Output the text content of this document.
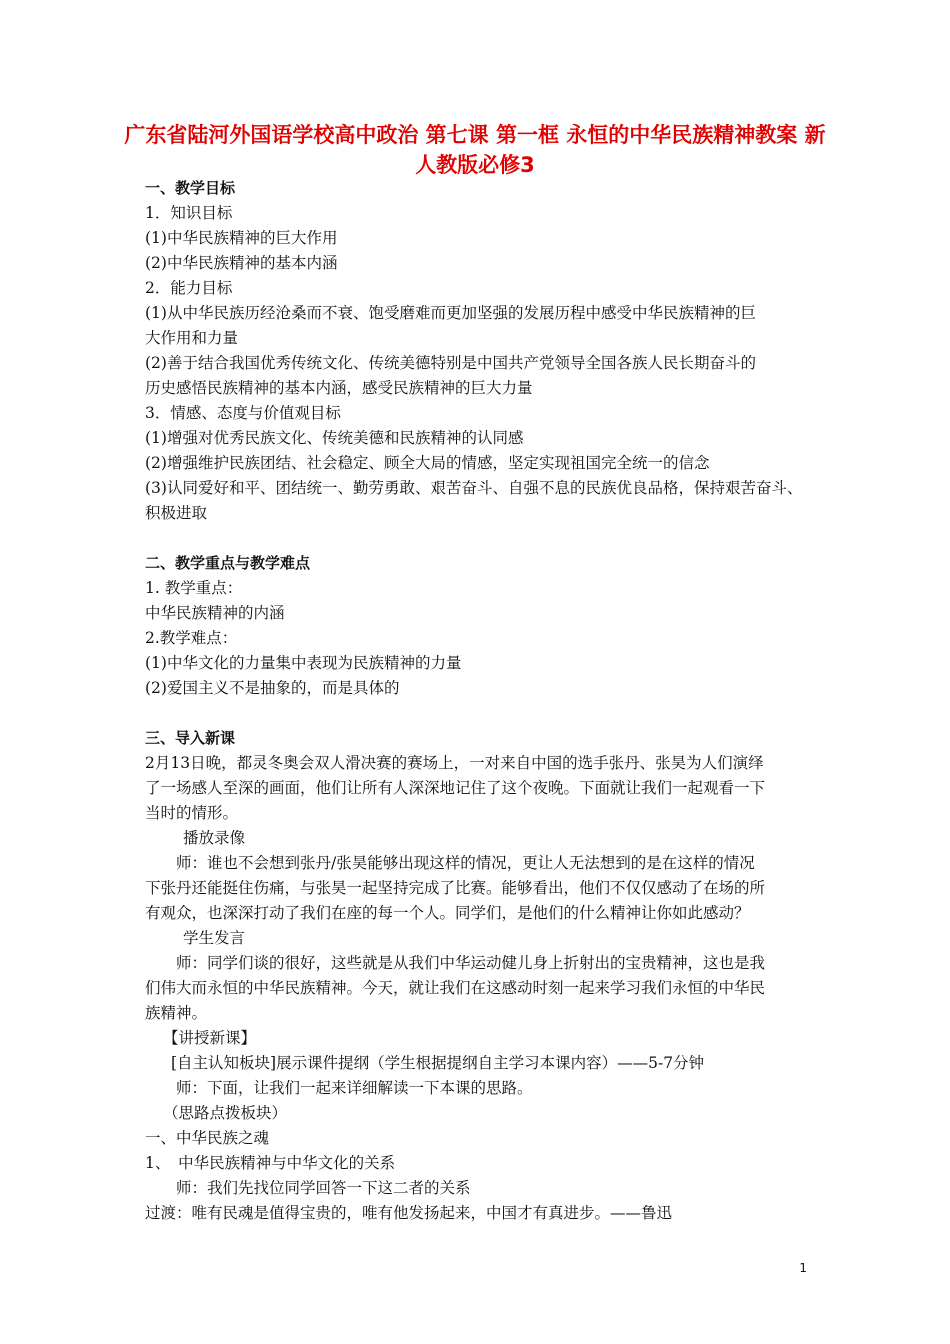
广东省陆河外国语学校高中政治 第七课 第一框 永恒的中华民族精神教案 新人教版必修3
一、教学目标
1．知识目标
(1)中华民族精神的巨大作用
(2)中华民族精神的基本内涵
2．能力目标
(1)从中华民族历经沧桑而不衰、饱受磨难而更加坚强的发展历程中感受中华民族精神的巨
大作用和力量
(2)善于结合我国优秀传统文化、传统美德特别是中国共产党领导全国各族人民长期奋斗的
历史感悟民族精神的基本内涵，感受民族精神的巨大力量
3．情感、态度与价值观目标
(1)增强对优秀民族文化、传统美德和民族精神的认同感
(2)增强维护民族团结、社会稳定、顾全大局的情感，坚定实现祖国完全统一的信念
(3)认同爱好和平、团结统一、勤劳勇敢、艰苦奋斗、自强不息的民族优良品格，保持艰苦奋斗、
积极进取
二、教学重点与教学难点
1. 教学重点：
中华民族精神的内涵
2.教学难点：
(1)中华文化的力量集中表现为民族精神的力量
(2)爱国主义不是抽象的，而是具体的
三、导入新课
2月13日晚，都灵冬奥会双人滑决赛的赛场上，一对来自中国的选手张丹、张昊为人们演绎
了一场感人至深的画面，他们让所有人深深地记住了这个夜晚。下面就让我们一起观看一下
当时的情形。
播放录像
师：谁也不会想到张丹/张昊能够出现这样的情况，更让人无法想到的是在这样的情况
下张丹还能挺住伤痛，与张昊一起坚持完成了比赛。能够看出，他们不仅仅感动了在场的所
有观众，也深深打动了我们在座的每一个人。同学们，是他们的什么精神让你如此感动？
学生发言
师：同学们谈的很好，这些就是从我们中华运动健儿身上折射出的宝贵精神，这也是我
们伟大而永恒的中华民族精神。今天，就让我们在这感动时刻一起来学习我们永恒的中华民
族精神。
【讲授新课】
[自主认知板块]展示课件提纲（学生根据提纲自主学习本课内容）——5-7分钟
师：下面，让我们一起来详细解读一下本课的思路。
（思路点拨板块）
一、中华民族之魂
1、　中华民族精神与中华文化的关系
师：我们先找位同学回答一下这二者的关系
过渡：唯有民魂是值得宝贵的，唯有他发扬起来，中国才有真进步。——鲁迅
1
